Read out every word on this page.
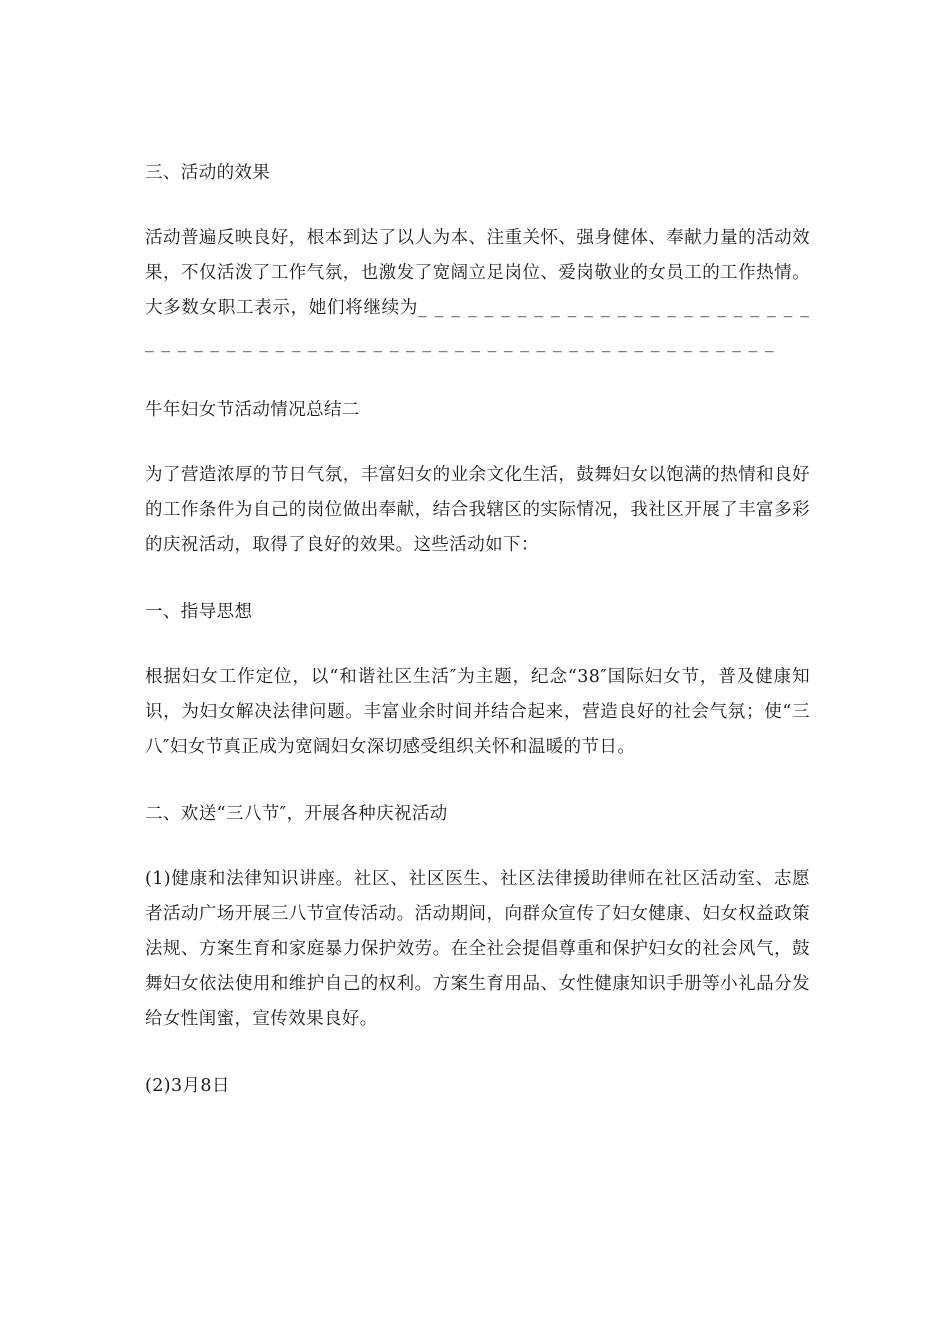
三、活动的效果
活动普遍反映良好，根本到达了以人为本、注重关怀、强身健体、奉献力量的活动效果，不仅活泼了工作气氛，也激发了宽阔立足岗位、爱岗敬业的女员工的工作热情。大多数女职工表示，她们将继续为_ _ _ _ _ _ _ _ _ _ _ _ _ _ _ _ _ _ _ _ _ _ _ _ _ _ _ _ _ _ _ _ _ _ _ _ _ _ _ _ _ _ _ _ _ _ _ _ _ _ _ _ _ _ _ _ _ _ _ _ _ _ _
牛年妇女节活动情况总结二
为了营造浓厚的节日气氛，丰富妇女的业余文化生活，鼓舞妇女以饱满的热情和良好的工作条件为自己的岗位做出奉献，结合我辖区的实际情况，我社区开展了丰富多彩的庆祝活动，取得了良好的效果。这些活动如下：
一、指导思想
根据妇女工作定位，以“和谐社区生活″为主题，纪念“38″国际妇女节，普及健康知识，为妇女解决法律问题。丰富业余时间并结合起来，营造良好的社会气氛；使“三八″妇女节真正成为宽阔妇女深切感受组织关怀和温暖的节日。
二、欢送“三八节″，开展各种庆祝活动
(1)健康和法律知识讲座。社区、社区医生、社区法律援助律师在社区活动室、志愿者活动广场开展三八节宣传活动。活动期间，向群众宣传了妇女健康、妇女权益政策法规、方案生育和家庭暴力保护效劳。在全社会提倡尊重和保护妇女的社会风气，鼓舞妇女依法使用和维护自己的权利。方案生育用品、女性健康知识手册等小礼品分发给女性闺蜜，宣传效果良好。
(2)3月8日
